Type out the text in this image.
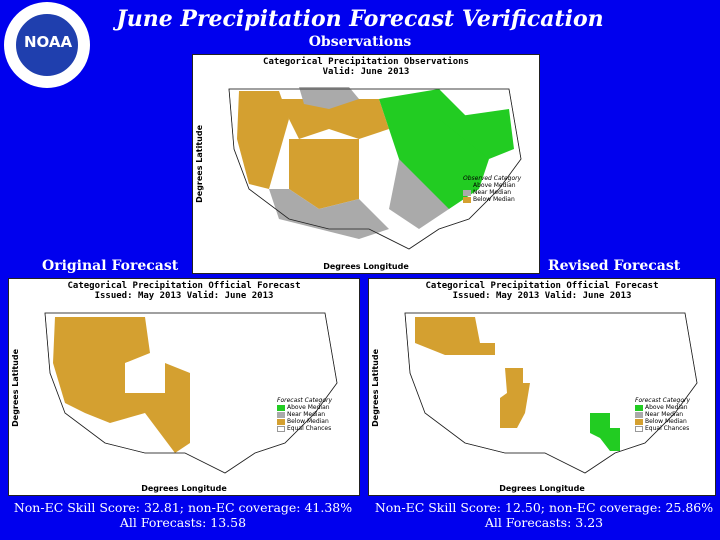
NOAA
June Precipitation Forecast Verification
Observations
Categorical Precipitation Observations
Valid: June 2013
Degrees Latitude
Degrees Longitude
Observed Category
Above Median
Near Median
Below Median
Original Forecast	Revised Forecast
Categorical Precipitation Official Forecast
Issued: May 2013 Valid: June 2013
Degrees Latitude
Degrees Longitude
Forecast Category
Above Median
Near Median
Below Median
Equal Chances
Categorical Precipitation Official Forecast
Issued: May 2013 Valid: June 2013
Degrees Latitude
Degrees Longitude
Forecast Category
Above Median
Near Median
Below Median
Equal Chances
Non-EC Skill Score: 32.81; non-EC coverage: 41.38%
All Forecasts: 13.58
Non-EC Skill Score: 12.50; non-EC coverage: 25.86%
All Forecasts: 3.23
